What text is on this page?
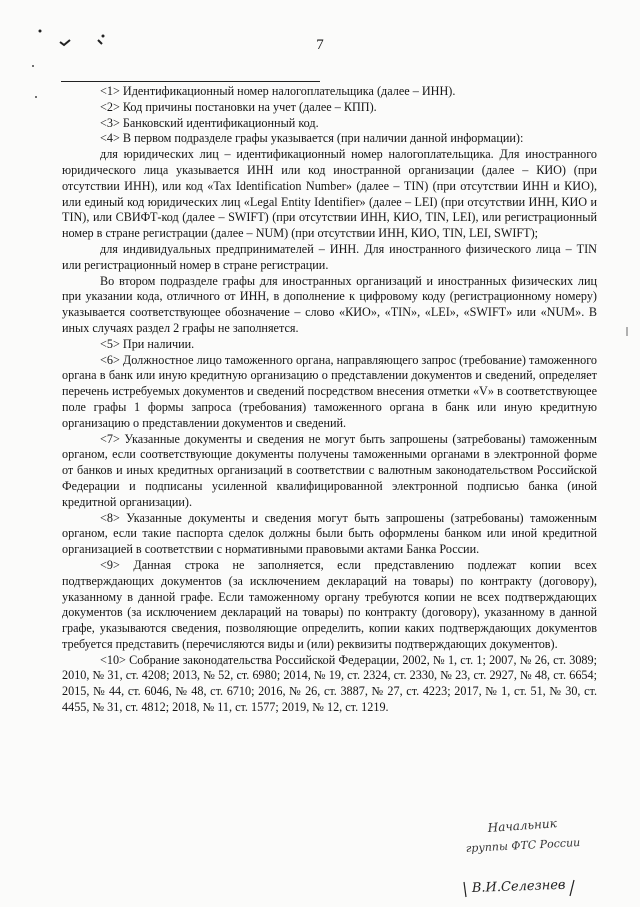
7

<1> Идентификационный номер налогоплательщика (далее – ИНН).

<2> Код причины постановки на учет (далее – КПП).

<3> Банковский идентификационный код.

<4> В первом подразделе графы указывается (при наличии данной информации):

для юридических лиц – идентификационный номер налогоплательщика. Для иностранного юридического лица указывается ИНН или код иностранной организации (далее – КИО) (при отсутствии ИНН), или код «Tax Identification Number» (далее – TIN) (при отсутствии ИНН и КИО), или единый код юридических лиц «Legal Entity Identifier» (далее – LEI) (при отсутствии ИНН, КИО и TIN), или СВИФТ-код (далее – SWIFT) (при отсутствии ИНН, КИО, TIN, LEI), или регистрационный номер в стране регистрации (далее – NUM) (при отсутствии ИНН, КИО, TIN, LEI, SWIFT);

для индивидуальных предпринимателей – ИНН. Для иностранного физического лица – TIN или регистрационный номер в стране регистрации.

Во втором подразделе графы для иностранных организаций и иностранных физических лиц при указании кода, отличного от ИНН, в дополнение к цифровому коду (регистрационному номеру) указывается соответствующее обозначение – слово «КИО», «TIN», «LEI», «SWIFT» или «NUM». В иных случаях раздел 2 графы не заполняется.

<5> При наличии.

<6> Должностное лицо таможенного органа, направляющего запрос (требование) таможенного органа в банк или иную кредитную организацию о представлении документов и сведений, определяет перечень истребуемых документов и сведений посредством внесения отметки «V» в соответствующее поле графы 1 формы запроса (требования) таможенного органа в банк или иную кредитную организацию о представлении документов и сведений.

<7> Указанные документы и сведения не могут быть запрошены (затребованы) таможенным органом, если соответствующие документы получены таможенными органами в электронной форме от банков и иных кредитных организаций в соответствии с валютным законодательством Российской Федерации и подписаны усиленной квалифицированной электронной подписью банка (иной кредитной организации).

<8> Указанные документы и сведения могут быть запрошены (затребованы) таможенным органом, если такие паспорта сделок должны были быть оформлены банком или иной кредитной организацией в соответствии с нормативными правовыми актами Банка России.

<9> Данная строка не заполняется, если представлению подлежат копии всех подтверждающих документов (за исключением деклараций на товары) по контракту (договору), указанному в данной графе. Если таможенному органу требуются копии не всех подтверждающих документов (за исключением деклараций на товары) по контракту (договору), указанному в данной графе, указываются сведения, позволяющие определить, копии каких подтверждающих документов требуется представить (перечисляются виды и (или) реквизиты подтверждающих документов).

<10> Собрание законодательства Российской Федерации, 2002, № 1, ст. 1; 2007, № 26, ст. 3089; 2010, № 31, ст. 4208; 2013, № 52, ст. 6980; 2014, № 19, ст. 2324, ст. 2330, № 23, ст. 2927, № 48, ст. 6654; 2015, № 44, ст. 6046, № 48, ст. 6710; 2016, № 26, ст. 3887, № 27, ст. 4223; 2017, № 1, ст. 51, № 30, ст. 4455, № 31, ст. 4812; 2018, № 11, ст. 1577; 2019, № 12, ст. 1219.

Начальник
группы ФТС России
В.И.Селезнев
